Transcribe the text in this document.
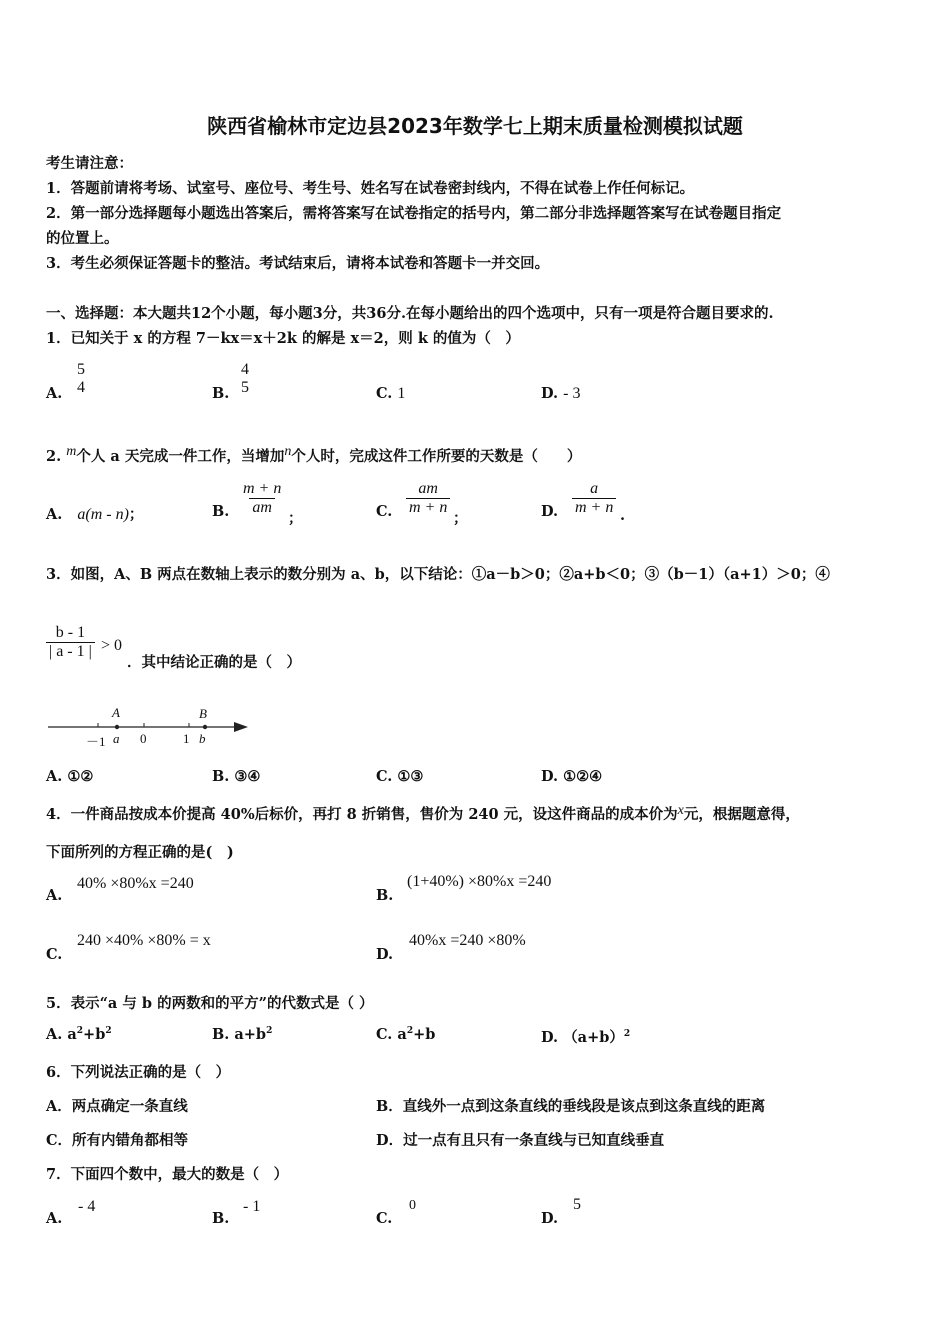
陕西省榆林市定边县2023年数学七上期末质量检测模拟试题
考生请注意：
1．答题前请将考场、试室号、座位号、考生号、姓名写在试卷密封线内，不得在试卷上作任何标记。
2．第一部分选择题每小题选出答案后，需将答案写在试卷指定的括号内，第二部分非选择题答案写在试卷题目指定
的位置上。
3．考生必须保证答题卡的整洁。考试结束后，请将本试卷和答题卡一并交回。
一、选择题：本大题共12个小题，每小题3分，共36分.在每小题给出的四个选项中，只有一项是符合题目要求的.
1．已知关于 x 的方程 7－kx＝x＋2k 的解是 x＝2，则 k 的值为（　）
A.
5
4	B.
4
5	C. 1	D. - 3
2. m个人 a 天完成一件工作，当增加n个人时，完成这件工作所要的天数是（　　）
A. a(m - n)；	B. $\frac{m + n}{am}$
；	C. $\frac{am}{m + n}$
；	D. $\frac{a}{m + n}$ .
3．如图，A、B 两点在数轴上表示的数分别为 a、b，以下结论：①a－b＞0；②a+b＜0；③（b－1）（a+1）＞0；④
$\frac{b - 1}{| a - 1 |} > 0$
．其中结论正确的是（　）
A	B
－1 a 0	1 b
A. ①②	B. ③④	C. ①③	D. ①②④
4．一件商品按成本价提高 40%后标价，再打 8 折销售，售价为 240 元，设这件商品的成本价为x元，根据题意得，
下面所列的方程正确的是(　)
A.
40% ×80%x =240
B.
(1+40%) ×80%x =240
C.
240 ×40% ×80% = x
D.
40%x =240 ×80%
5．表示“a 与 b 的两数和的平方”的代数式是（ ）
A. $a^2+b^2$	B. $a+b^2$	C. $a^2+b$	D. $(a+b)^2$
6．下列说法正确的是（　）
A．两点确定一条直线	B．直线外一点到这条直线的垂线段是该点到这条直线的距离
C．所有内错角都相等	D．过一点有且只有一条直线与已知直线垂直
7．下面四个数中，最大的数是（　）
A.
- 4
B.
- 1
C.
0
D.
5
